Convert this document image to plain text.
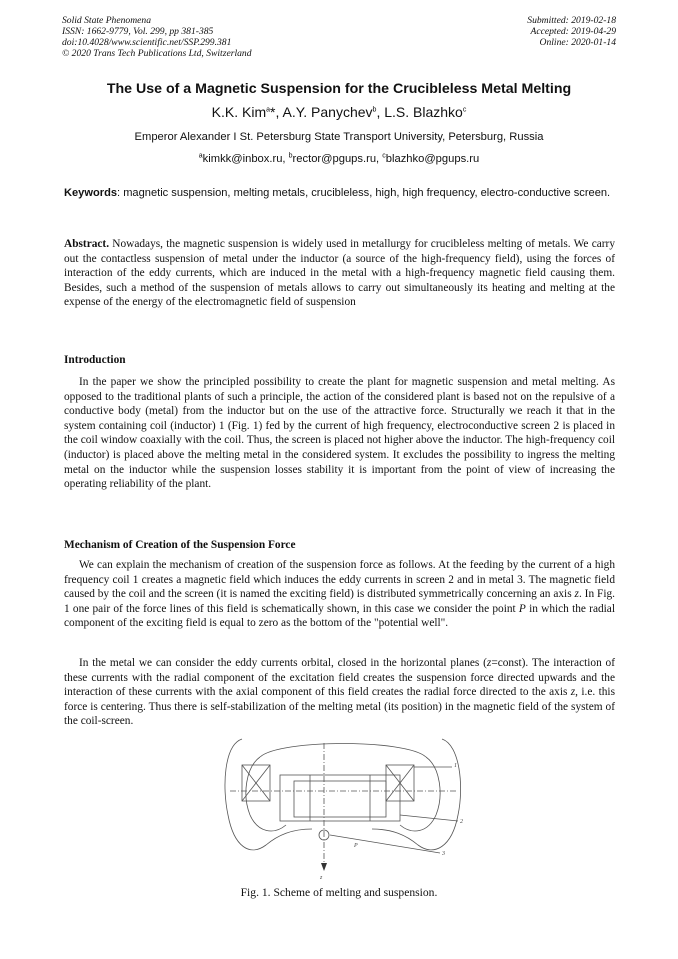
Solid State Phenomena
ISSN: 1662-9779, Vol. 299, pp 381-385
doi:10.4028/www.scientific.net/SSP.299.381
© 2020 Trans Tech Publications Ltd, Switzerland
Submitted: 2019-02-18
Accepted: 2019-04-29
Online: 2020-01-14
The Use of a Magnetic Suspension for the Crucibleless Metal Melting
K.K. Kim$^a$*, A.Y. Panychev$^b$, L.S. Blazhko$^c$
Emperor Alexander I St. Petersburg State Transport University, Petersburg, Russia
$^a$kimkk@inbox.ru, $^b$rector@pgups.ru, $^c$blazhko@pgups.ru
Keywords: magnetic suspension, melting metals, crucibleless, high, high frequency, electro-conductive screen.
Abstract. Nowadays, the magnetic suspension is widely used in metallurgy for crucibleless melting of metals. We carry out the contactless suspension of metal under the inductor (a source of the high-frequency field), using the forces of interaction of the eddy currents, which are induced in the metal with a high-frequency magnetic field causing them. Besides, such a method of the suspension of metals allows to carry out simultaneously its heating and melting at the expense of the energy of the electromagnetic field of suspension
Introduction

In the paper we show the principled possibility to create the plant for magnetic suspension and metal melting. As opposed to the traditional plants of such a principle, the action of the considered plant is based not on the repulsive of a conductive body (metal) from the inductor but on the use of the attractive force. Structurally we reach it that in the system containing coil (inductor) 1 (Fig. 1) fed by the current of high frequency, electroconductive screen 2 is placed in the coil window coaxially with the coil. Thus, the screen is placed not higher above the inductor. The high-frequency coil (inductor) is placed above the melting metal in the considered system. It excludes the possibility to ingress the melting metal on the inductor while the suspension losses stability it is important from the point of view of increasing the operating reliability of the plant.

Mechanism of Creation of the Suspension Force

We can explain the mechanism of creation of the suspension force as follows. At the feeding by the current of a high frequency coil 1 creates a magnetic field which induces the eddy currents in screen 2 and in metal 3. The magnetic field caused by the coil and the screen (it is named the exciting field) is distributed symmetrically concerning an axis z. In Fig. 1 one pair of the force lines of this field is schematically shown, in this case we consider the point P in which the radial component of the exciting field is equal to zero as the bottom of the "potential well".

In the metal we can consider the eddy currents orbital, closed in the horizontal planes (z=const). The interaction of these currents with the radial component of the excitation field creates the suspension force directed upwards and the interaction of these currents with the axial component of this field creates the radial force directed to the axis z, i.e. this force is centering. Thus there is self-stabilization of the melting metal (its position) in the magnetic field of the system of the coil-screen.

1
2
3
P
z
Fig. 1. Scheme of melting and suspension.
